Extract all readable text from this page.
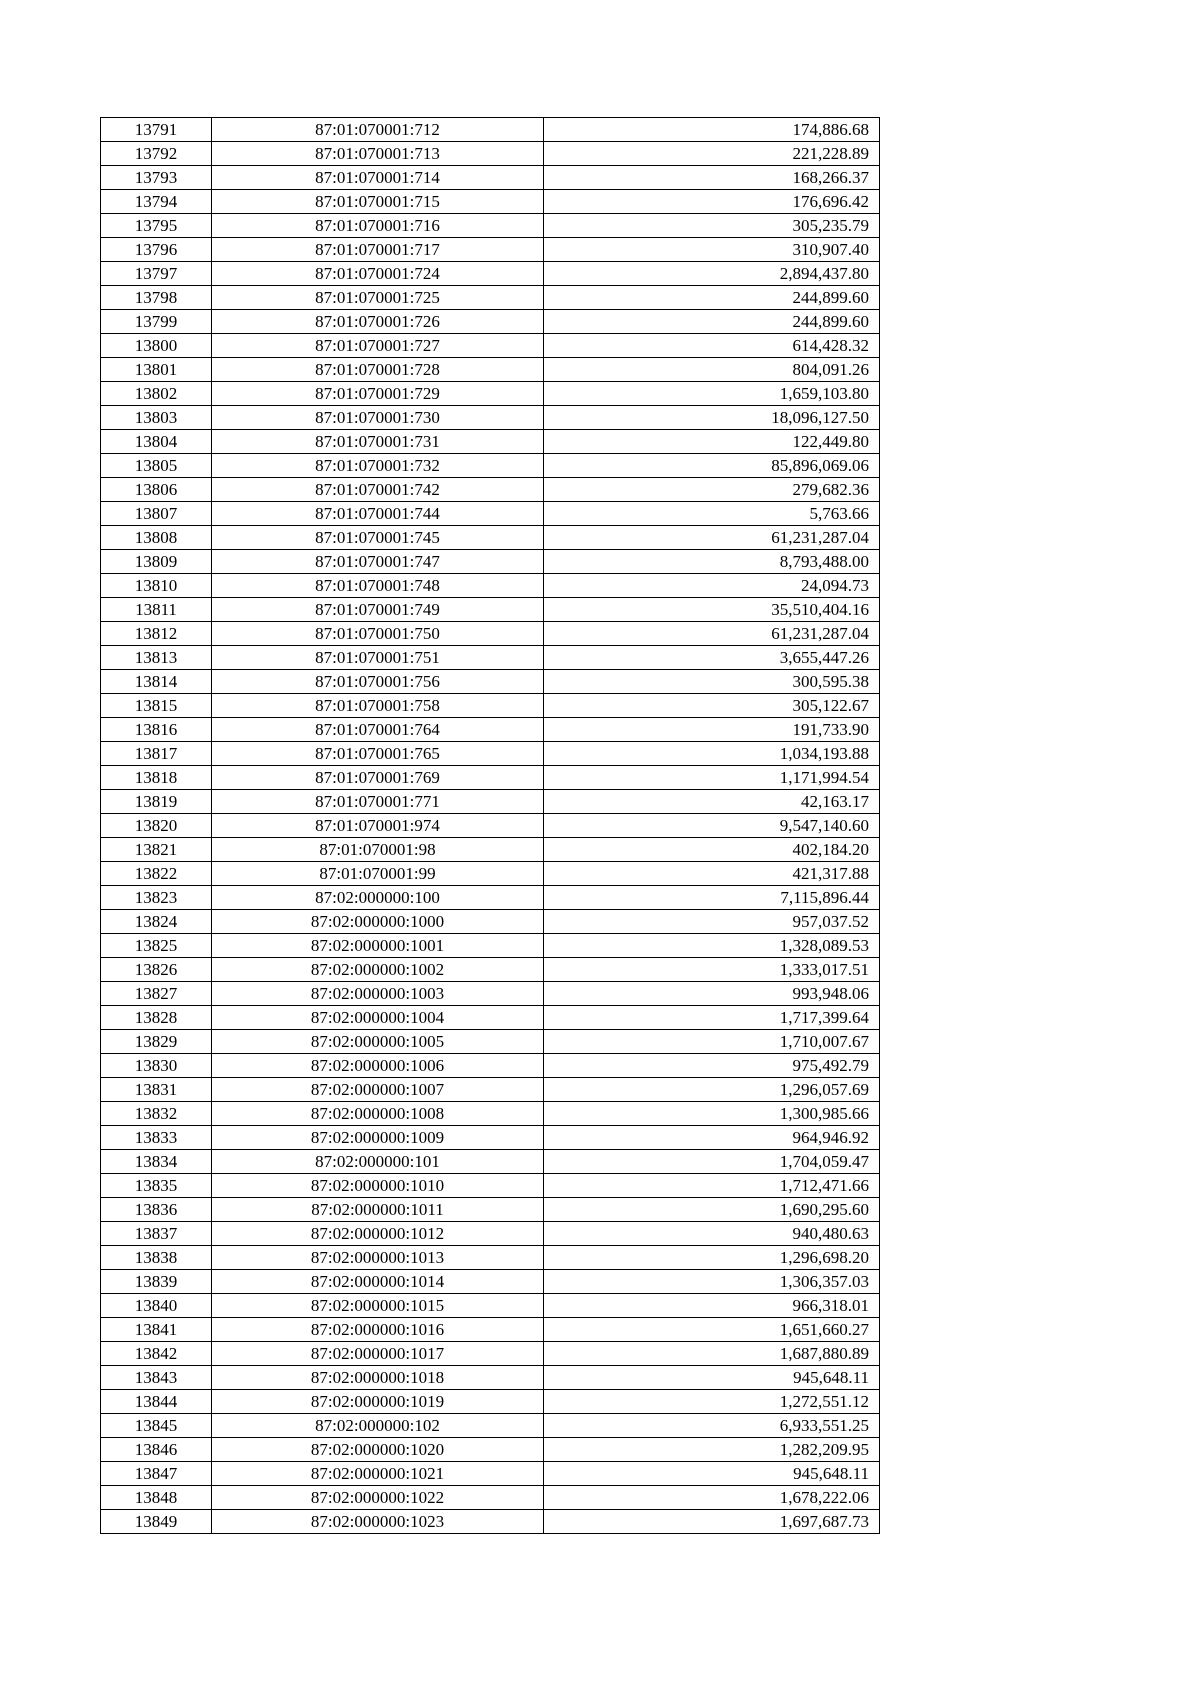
13791	87:01:070001:712	174,886.68
13792	87:01:070001:713	221,228.89
13793	87:01:070001:714	168,266.37
13794	87:01:070001:715	176,696.42
13795	87:01:070001:716	305,235.79
13796	87:01:070001:717	310,907.40
13797	87:01:070001:724	2,894,437.80
13798	87:01:070001:725	244,899.60
13799	87:01:070001:726	244,899.60
13800	87:01:070001:727	614,428.32
13801	87:01:070001:728	804,091.26
13802	87:01:070001:729	1,659,103.80
13803	87:01:070001:730	18,096,127.50
13804	87:01:070001:731	122,449.80
13805	87:01:070001:732	85,896,069.06
13806	87:01:070001:742	279,682.36
13807	87:01:070001:744	5,763.66
13808	87:01:070001:745	61,231,287.04
13809	87:01:070001:747	8,793,488.00
13810	87:01:070001:748	24,094.73
13811	87:01:070001:749	35,510,404.16
13812	87:01:070001:750	61,231,287.04
13813	87:01:070001:751	3,655,447.26
13814	87:01:070001:756	300,595.38
13815	87:01:070001:758	305,122.67
13816	87:01:070001:764	191,733.90
13817	87:01:070001:765	1,034,193.88
13818	87:01:070001:769	1,171,994.54
13819	87:01:070001:771	42,163.17
13820	87:01:070001:974	9,547,140.60
13821	87:01:070001:98	402,184.20
13822	87:01:070001:99	421,317.88
13823	87:02:000000:100	7,115,896.44
13824	87:02:000000:1000	957,037.52
13825	87:02:000000:1001	1,328,089.53
13826	87:02:000000:1002	1,333,017.51
13827	87:02:000000:1003	993,948.06
13828	87:02:000000:1004	1,717,399.64
13829	87:02:000000:1005	1,710,007.67
13830	87:02:000000:1006	975,492.79
13831	87:02:000000:1007	1,296,057.69
13832	87:02:000000:1008	1,300,985.66
13833	87:02:000000:1009	964,946.92
13834	87:02:000000:101	1,704,059.47
13835	87:02:000000:1010	1,712,471.66
13836	87:02:000000:1011	1,690,295.60
13837	87:02:000000:1012	940,480.63
13838	87:02:000000:1013	1,296,698.20
13839	87:02:000000:1014	1,306,357.03
13840	87:02:000000:1015	966,318.01
13841	87:02:000000:1016	1,651,660.27
13842	87:02:000000:1017	1,687,880.89
13843	87:02:000000:1018	945,648.11
13844	87:02:000000:1019	1,272,551.12
13845	87:02:000000:102	6,933,551.25
13846	87:02:000000:1020	1,282,209.95
13847	87:02:000000:1021	945,648.11
13848	87:02:000000:1022	1,678,222.06
13849	87:02:000000:1023	1,697,687.73
